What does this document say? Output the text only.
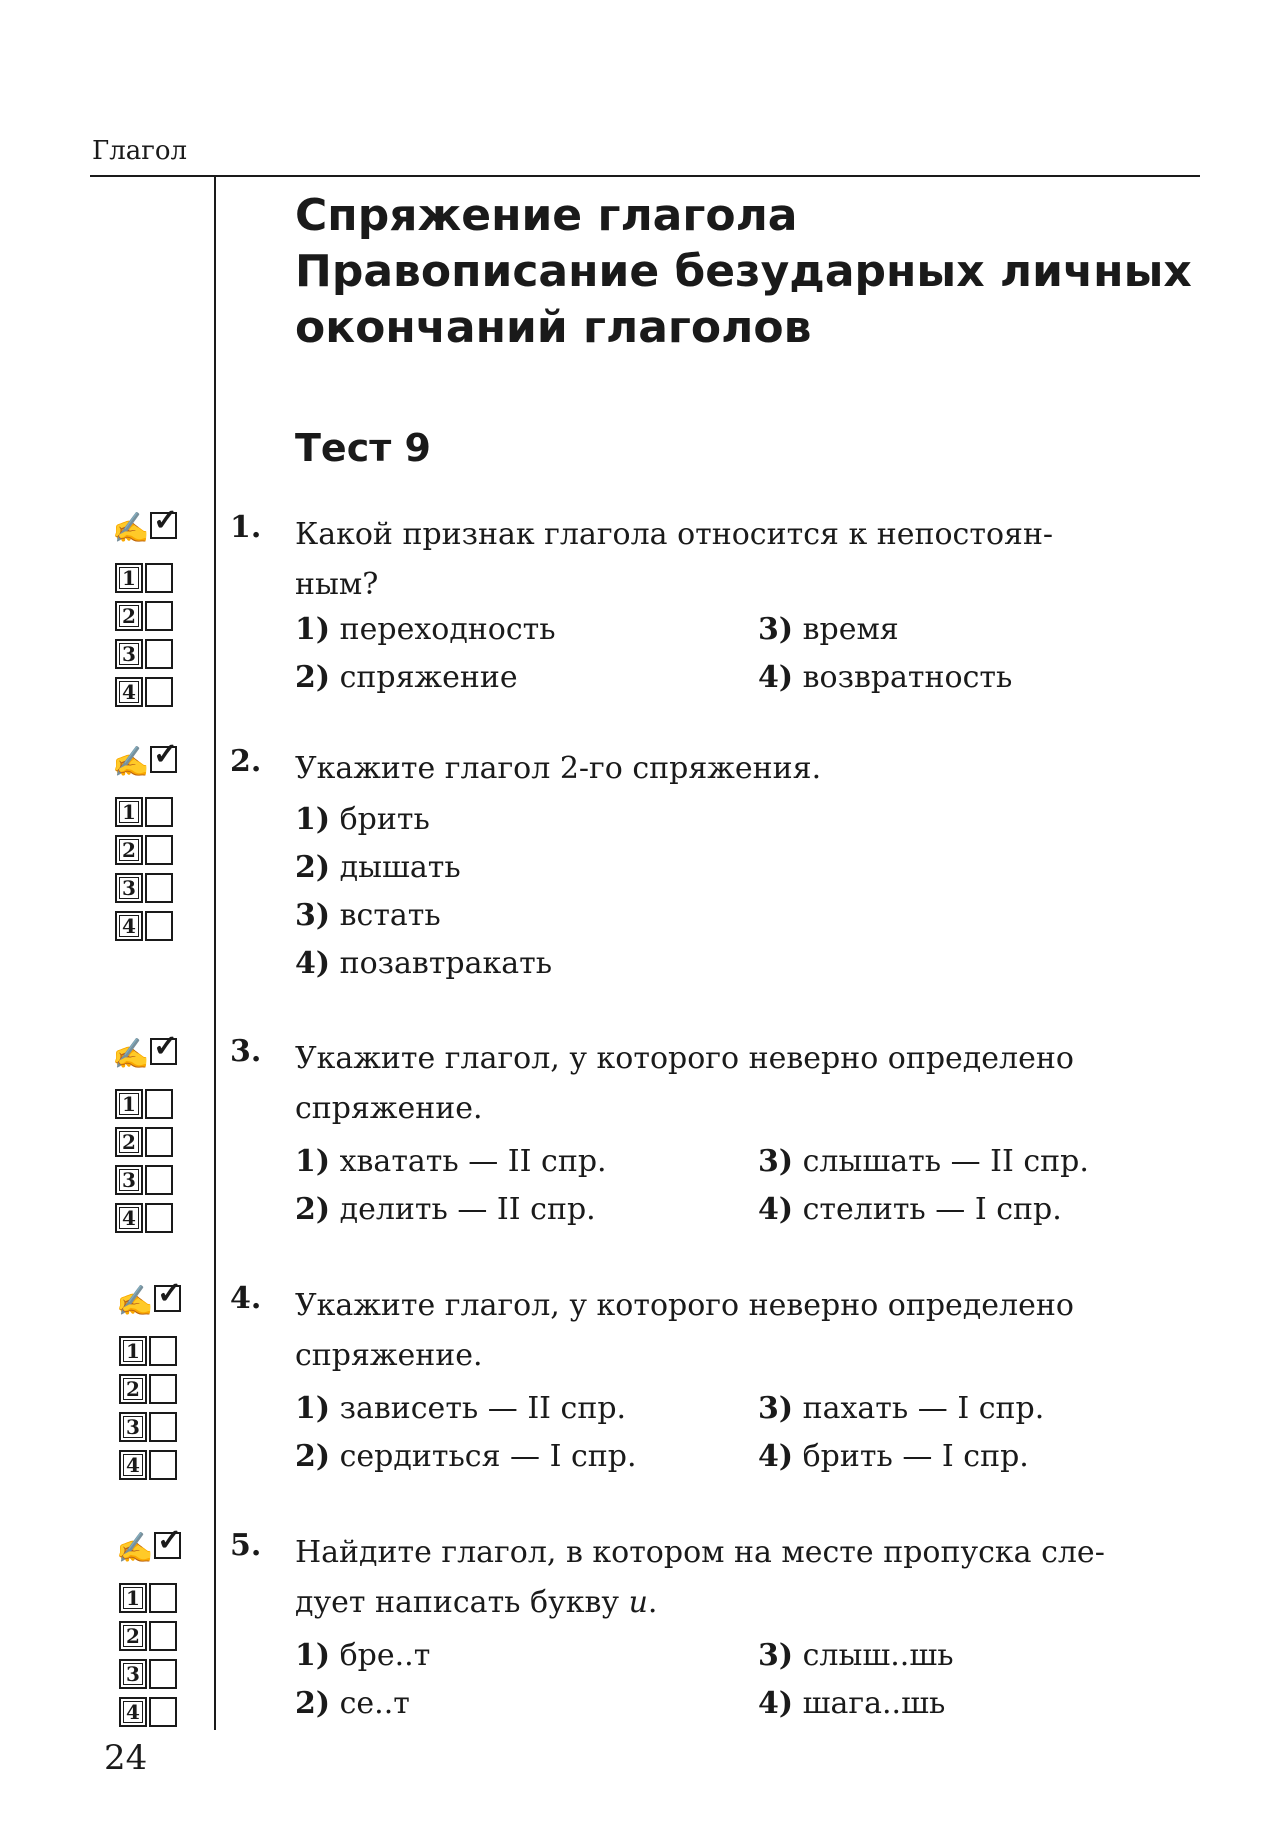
Глагол
Спряжение глагола
Правописание безударных личных
окончаний глаголов
Тест 9
✍ ✓
1
2
3
4
✍ ✓
1
2
3
4
✍ ✓
1
2
3
4
✍ ✓
1
2
3
4
✍ ✓
1
2
3
4
1. Какой признак глагола относится к непостоян-
ным?
1) переходность
2) спряжение
3) время
4) возвратность
2. Укажите глагол 2-го спряжения.
1) брить
2) дышать
3) встать
4) позавтракать
3. Укажите глагол, у которого неверно определено
спряжение.
1) хватать — II спр.
2) делить — II спр.
3) слышать — II спр.
4) стелить — I спр.
4. Укажите глагол, у которого неверно определено
спряжение.
1) зависеть — II спр.
2) сердиться — I спр.
3) пахать — I спр.
4) брить — I спр.
5. Найдите глагол, в котором на месте пропуска сле-
дует написать букву и.
1) бре..т
2) се..т
3) слыш..шь
4) шага..шь
24
